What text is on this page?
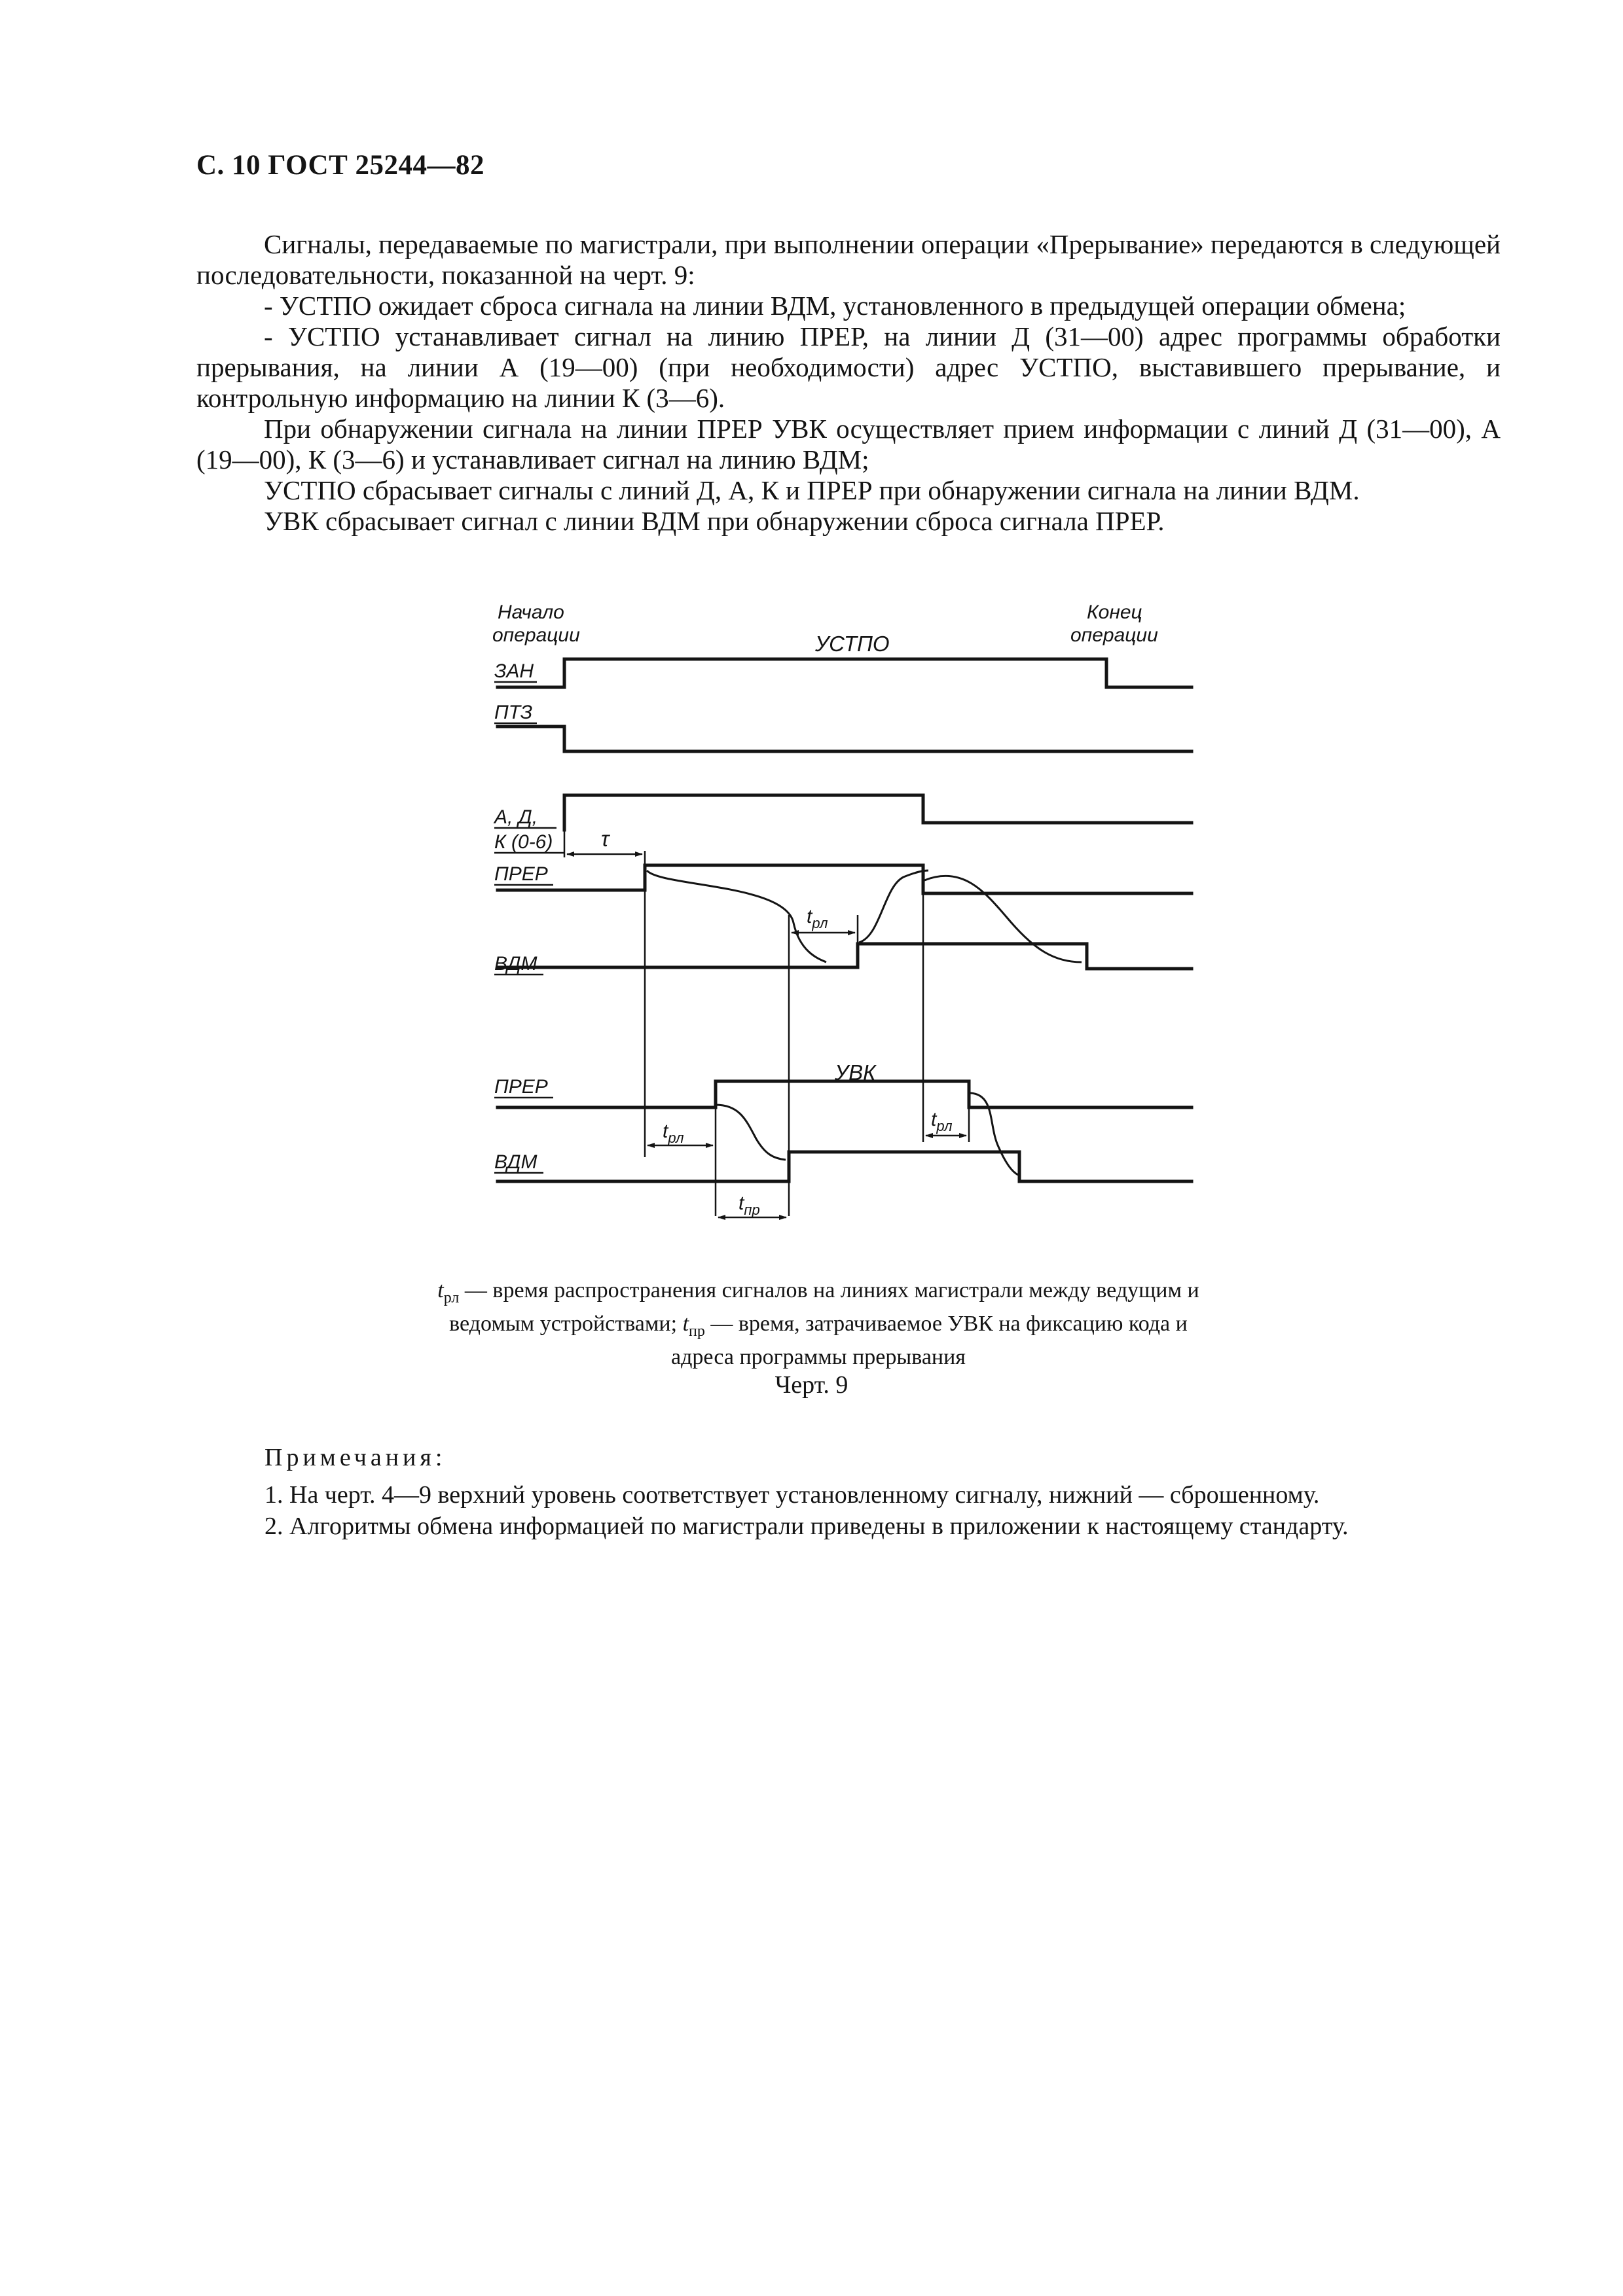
С. 10 ГОСТ 25244—82

Сигналы, передаваемые по магистрали, при выполнении операции «Прерывание» передаются в следующей последовательности, показанной на черт. 9:

- УСТПО ожидает сброса сигнала на линии ВДМ, установленного в предыдущей операции обмена;

- УСТПО устанавливает сигнал на линию ПРЕР, на линии Д (31—00) адрес программы обработки прерывания, на линии А (19—00) (при необходимости) адрес УСТПО, выставившего прерывание, и контрольную информацию на линии К (3—6).

При обнаружении сигнала на линии ПРЕР УВК осуществляет прием информации с линий Д (31—00), А (19—00), К (3—6) и устанавливает сигнал на линию ВДМ;

УСТПО сбрасывает сигналы с линий Д, А, К и ПРЕР при обнаружении сигнала на линии ВДМ.

УВК сбрасывает сигнал с линии ВДМ при обнаружении сброса сигнала ПРЕР.

Начало
операции
Конец
операции
УСТПО
ЗАН
ПТЗ
А, Д,
К (0-6)
ПРЕР
ВДМ
УВК
ПРЕР
ВДМ
τ
$t_{рл}$
$t_{рл}$
$t_{рл}$
$t_{пр}$
$t_{рл}$ — время распространения сигналов на линиях магистрали между ведущим и
ведомым устройствами; $t_{пр}$ — время, затрачиваемое УВК на фиксацию кода и
адреса программы прерывания
Черт. 9
Примечания:
1. На черт. 4—9 верхний уровень соответствует установленному сигналу, нижний — сброшенному.
2. Алгоритмы обмена информацией по магистрали приведены в приложении к настоящему стандарту.
